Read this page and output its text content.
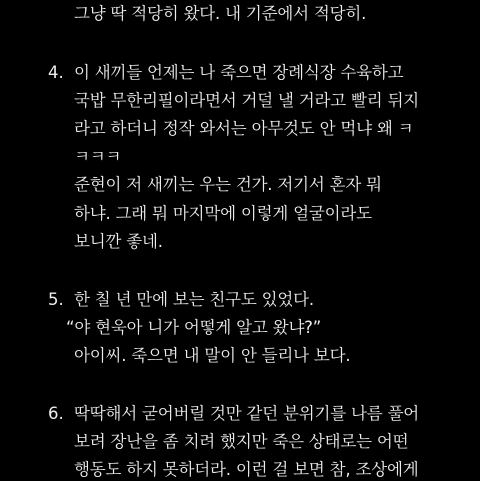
그냥 딱 적당히 왔다. 내 기준에서 적당히.
4. 이 새끼들 언제는 나 죽으면 장례식장 수육하고
국밥 무한리필이라면서 거덜 낼 거라고 빨리 뒤지
라고 하더니 정작 와서는 아무것도 안 먹냐 왜 ㅋ
ㅋㅋㅋ
준현이 저 새끼는 우는 건가. 저기서 혼자 뭐
하냐. 그래 뭐 마지막에 이렇게 얼굴이라도
보니깐 좋네.
5. 한 칠 년 만에 보는 친구도 있었다.
“야 현욱아 니가 어떻게 알고 왔냐?”
아이씨. 죽으면 내 말이 안 들리나 보다.
6. 딱딱해서 굳어버릴 것만 같던 분위기를 나름 풀어
보려 장난을 좀 치려 했지만 죽은 상태로는 어떤
행동도 하지 못하더라. 이런 걸 보면 참, 조상에게
